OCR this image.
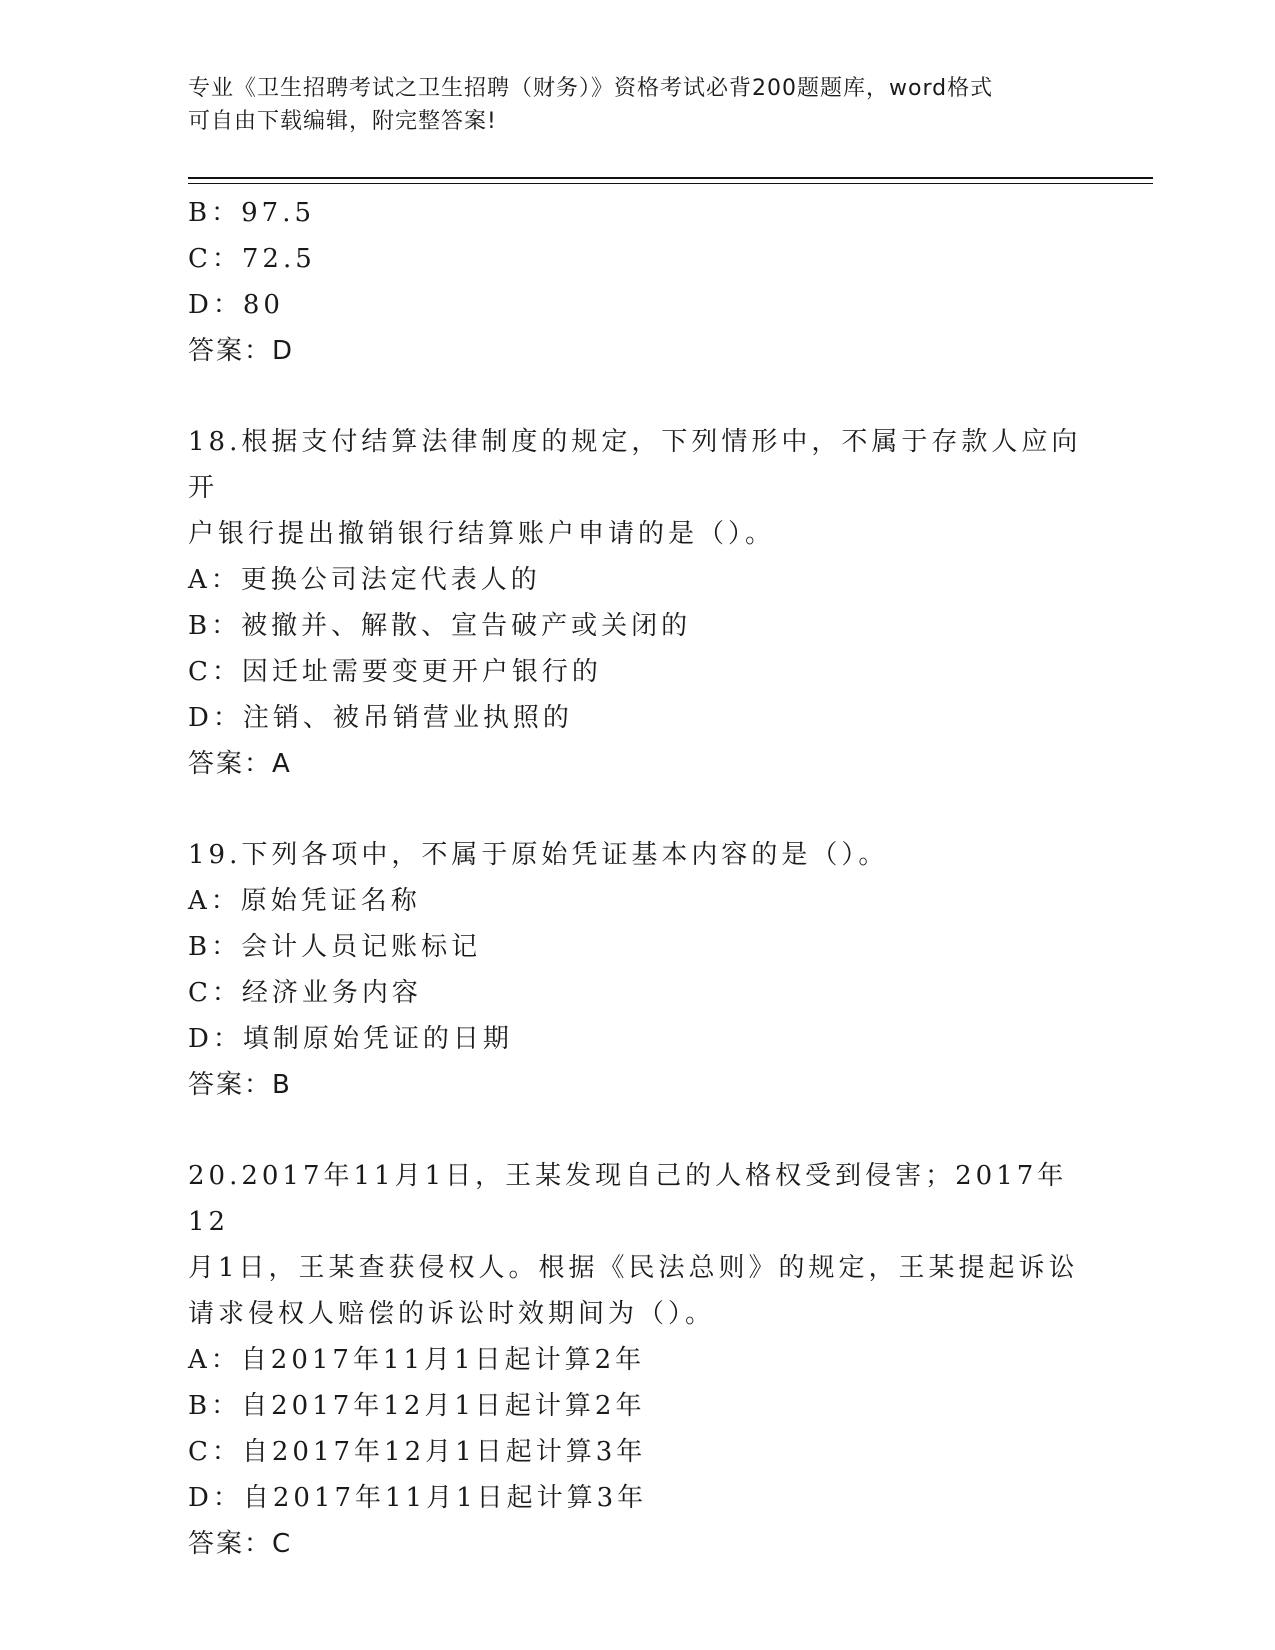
专业《卫生招聘考试之卫生招聘（财务）》资格考试必背200题题库，word格式
可自由下载编辑，附完整答案!
B：97.5
C：72.5
D：80
答案：D
18.根据支付结算法律制度的规定，下列情形中，不属于存款人应向开
户银行提出撤销银行结算账户申请的是（）。
A：更换公司法定代表人的
B：被撤并、解散、宣告破产或关闭的
C：因迁址需要变更开户银行的
D：注销、被吊销营业执照的
答案：A
19.下列各项中，不属于原始凭证基本内容的是（）。
A：原始凭证名称
B：会计人员记账标记
C：经济业务内容
D：填制原始凭证的日期
答案：B
20.2017年11月1日，王某发现自己的人格权受到侵害；2017年12
月1日，王某查获侵权人。根据《民法总则》的规定，王某提起诉讼
请求侵权人赔偿的诉讼时效期间为（）。
A：自2017年11月1日起计算2年
B：自2017年12月1日起计算2年
C：自2017年12月1日起计算3年
D：自2017年11月1日起计算3年
答案：C
